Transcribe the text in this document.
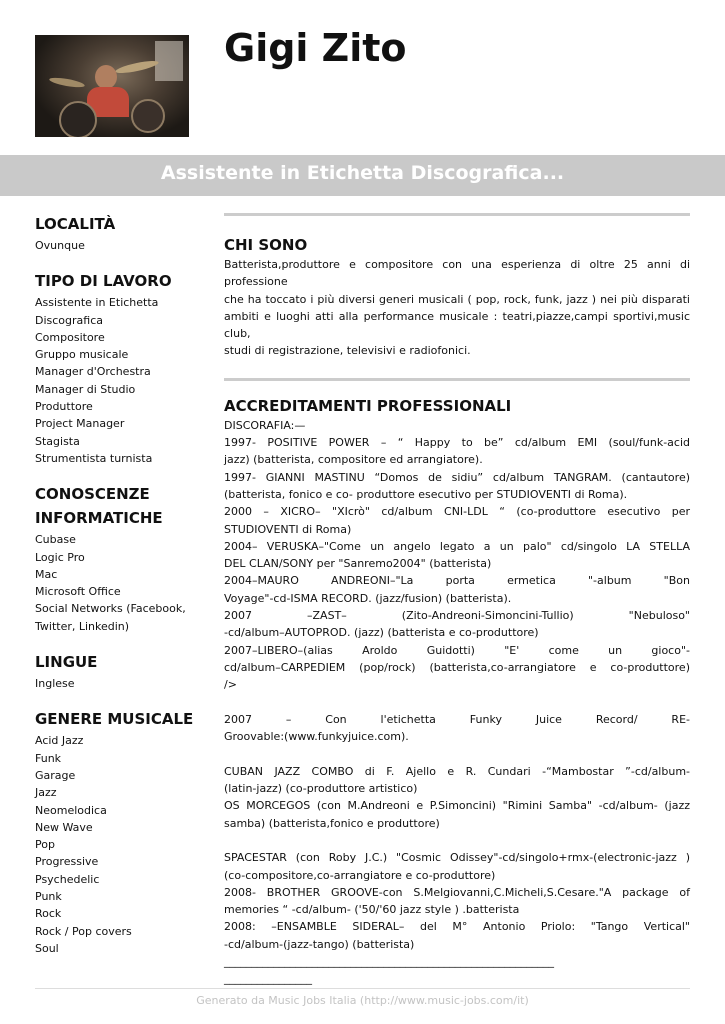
Gigi Zito
Assistente in Etichetta Discografica...
LOCALITÀ
Ovunque
TIPO DI LAVORO
Assistente in Etichetta
Discografica
Compositore
Gruppo musicale
Manager d'Orchestra
Manager di Studio
Produttore
Project Manager
Stagista
Strumentista turnista
CONOSCENZE
INFORMATICHE
Cubase
Logic Pro
Mac
Microsoft Office
Social Networks (Facebook,
Twitter, Linkedin)
LINGUE
Inglese
GENERE MUSICALE
Acid Jazz
Funk
Garage
Jazz
Neomelodica
New Wave
Pop
Progressive
Psychedelic
Punk
Rock
Rock / Pop covers
Soul
CHI SONO

Batterista,produttore e compositore con una esperienza di oltre 25 anni di professione

che ha toccato i più diversi generi musicali ( pop, rock, funk, jazz ) nei più disparati

ambiti e luoghi atti alla performance musicale : teatri,piazze,campi sportivi,music club,

studi di registrazione, televisivi e radiofonici.

ACCREDITAMENTI PROFESSIONALI

DISCORAFIA:—

1997- POSITIVE POWER – “ Happy to be” cd/album EMI (soul/funk-acid

jazz) (batterista, compositore ed arrangiatore).

1997- GIANNI MASTINU “Domos de sidiu” cd/album TANGRAM. (cantautore)

(batterista, fonico e co- produttore esecutivo per STUDIOVENTI di Roma).

2000 – XICRO– "XIcrò" cd/album CNI-LDL “ (co-produttore esecutivo per

STUDIOVENTI di Roma)

2004– VERUSKA–"Come un angelo legato a un palo" cd/singolo LA STELLA

DEL CLAN/SONY per "Sanremo2004" (batterista)

2004–MAURO ANDREONI–"La porta ermetica "-album "Bon

Voyage"-cd-ISMA RECORD. (jazz/fusion) (batterista).

2007 –ZAST– (Zito-Andreoni-Simoncini-Tullio) "Nebuloso"

-cd/album–AUTOPROD. (jazz) (batterista e co-produttore)

2007–LIBERO–(alias Aroldo Guidotti) "E' come un gioco"-

cd/album–CARPEDIEM (pop/rock) (batterista,co-arrangiatore e co-produttore)

/>

2007 – Con l'etichetta Funky Juice Record/ RE-

Groovable:(www.funkyjuice.com).

CUBAN JAZZ COMBO di F. Ajello e R. Cundari -“Mambostar ”-cd/album-

(latin-jazz) (co-produttore artistico)

OS MORCEGOS (con M.Andreoni e P.Simoncini) "Rimini Samba" -cd/album- (jazz

samba) (batterista,fonico e produttore)

SPACESTAR (con Roby J.C.) "Cosmic Odissey"-cd/singolo+rmx-(electronic-jazz )

(co-compositore,co-arrangiatore e co-produttore)

2008- BROTHER GROOVE-con S.Melgiovanni,C.Micheli,S.Cesare."A package of

memories “ -cd/album- ('50/'60 jazz style ) .batterista

2008: –ENSAMBLE SIDERAL– del M° Antonio Priolo: "Tango Vertical"

-cd/album-(jazz-tango) (batterista)

____________________________________________________________

________________

Generato da Music Jobs Italia (http://www.music-jobs.com/it)
